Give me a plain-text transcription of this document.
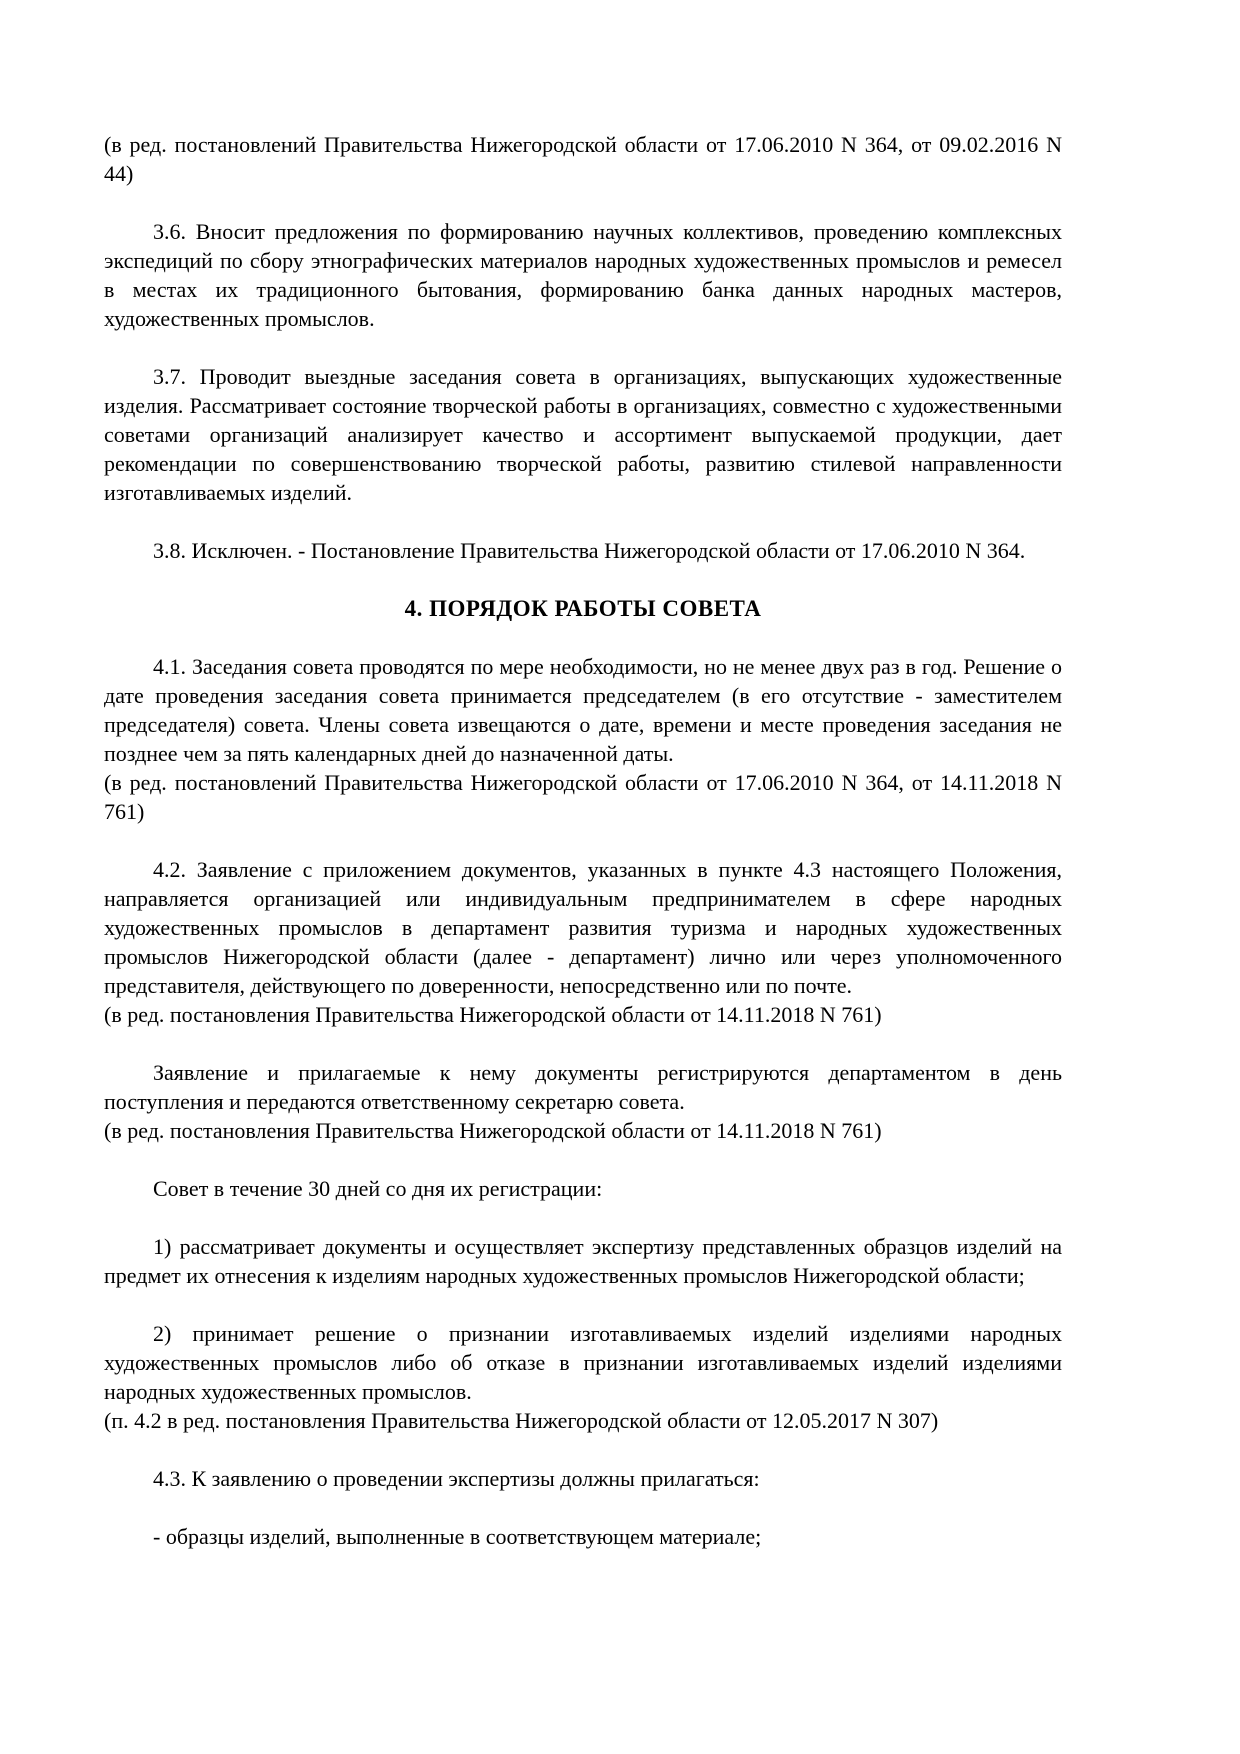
(в ред. постановлений Правительства Нижегородской области от 17.06.2010 N 364, от 09.02.2016 N 44)

3.6. Вносит предложения по формированию научных коллективов, проведению комплексных экспедиций по сбору этнографических материалов народных художественных промыслов и ремесел в местах их традиционного бытования, формированию банка данных народных мастеров, художественных промыслов.

3.7. Проводит выездные заседания совета в организациях, выпускающих художественные изделия. Рассматривает состояние творческой работы в организациях, совместно с художественными советами организаций анализирует качество и ассортимент выпускаемой продукции, дает рекомендации по совершенствованию творческой работы, развитию стилевой направленности изготавливаемых изделий.

3.8. Исключен. - Постановление Правительства Нижегородской области от 17.06.2010 N 364.

4. ПОРЯДОК РАБОТЫ СОВЕТА

4.1. Заседания совета проводятся по мере необходимости, но не менее двух раз в год. Решение о дате проведения заседания совета принимается председателем (в его отсутствие - заместителем председателя) совета. Члены совета извещаются о дате, времени и месте проведения заседания не позднее чем за пять календарных дней до назначенной даты.

(в ред. постановлений Правительства Нижегородской области от 17.06.2010 N 364, от 14.11.2018 N 761)

4.2. Заявление с приложением документов, указанных в пункте 4.3 настоящего Положения, направляется организацией или индивидуальным предпринимателем в сфере народных художественных промыслов в департамент развития туризма и народных художественных промыслов Нижегородской области (далее - департамент) лично или через уполномоченного представителя, действующего по доверенности, непосредственно или по почте.

(в ред. постановления Правительства Нижегородской области от 14.11.2018 N 761)

Заявление и прилагаемые к нему документы регистрируются департаментом в день поступления и передаются ответственному секретарю совета.

(в ред. постановления Правительства Нижегородской области от 14.11.2018 N 761)

Совет в течение 30 дней со дня их регистрации:

1) рассматривает документы и осуществляет экспертизу представленных образцов изделий на предмет их отнесения к изделиям народных художественных промыслов Нижегородской области;

2) принимает решение о признании изготавливаемых изделий изделиями народных художественных промыслов либо об отказе в признании изготавливаемых изделий изделиями народных художественных промыслов.

(п. 4.2 в ред. постановления Правительства Нижегородской области от 12.05.2017 N 307)

4.3. К заявлению о проведении экспертизы должны прилагаться:

- образцы изделий, выполненные в соответствующем материале;
